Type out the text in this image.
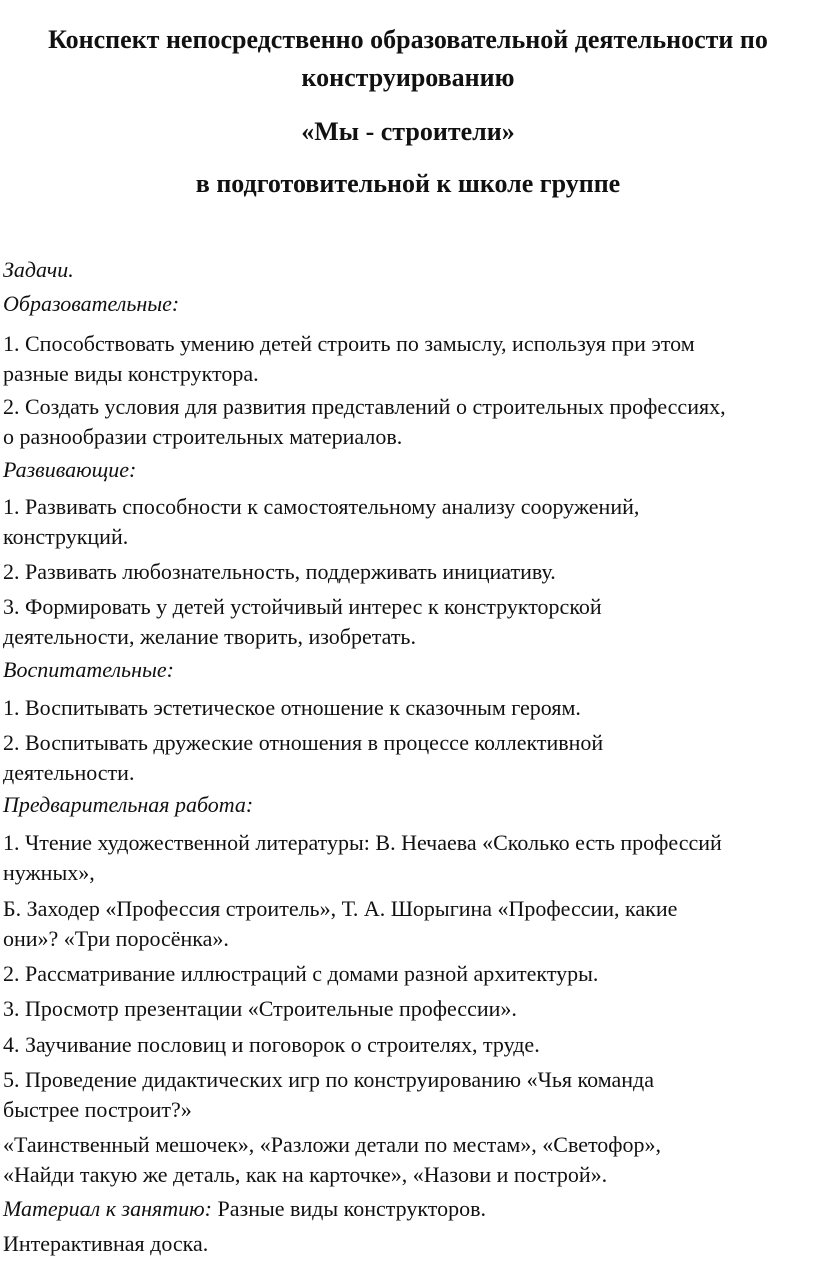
Конспект непосредственно образовательной деятельности по

конструированию

«Мы - строители»

в подготовительной к школе группе

Задачи.

Образовательные:

1. Способствовать умению детей строить по замыслу, используя при этом

разные виды конструктора.

2. Создать условия для развития представлений о строительных профессиях,

о разнообразии строительных материалов.

Развивающие:

1. Развивать способности к самостоятельному анализу сооружений,

конструкций.

2. Развивать любознательность, поддерживать инициативу.

3. Формировать у детей устойчивый интерес к конструкторской

деятельности, желание творить, изобретать.

Воспитательные:

1. Воспитывать эстетическое отношение к сказочным героям.

2. Воспитывать дружеские отношения в процессе коллективной

деятельности.

Предварительная работа:

1. Чтение художественной литературы: В. Нечаева «Сколько есть профессий

нужных»,

Б. Заходер «Профессия строитель», Т. А. Шорыгина «Профессии, какие

они»? «Три поросёнка».

2. Рассматривание иллюстраций с домами разной архитектуры.

3. Просмотр презентации «Строительные профессии».

4. Заучивание пословиц и поговорок о строителях, труде.

5. Проведение дидактических игр по конструированию «Чья команда

быстрее построит?»

«Таинственный мешочек», «Разложи детали по местам», «Светофор»,

«Найди такую же деталь, как на карточке», «Назови и построй».

Материал к занятию: Разные виды конструкторов.

Интерактивная доска.
